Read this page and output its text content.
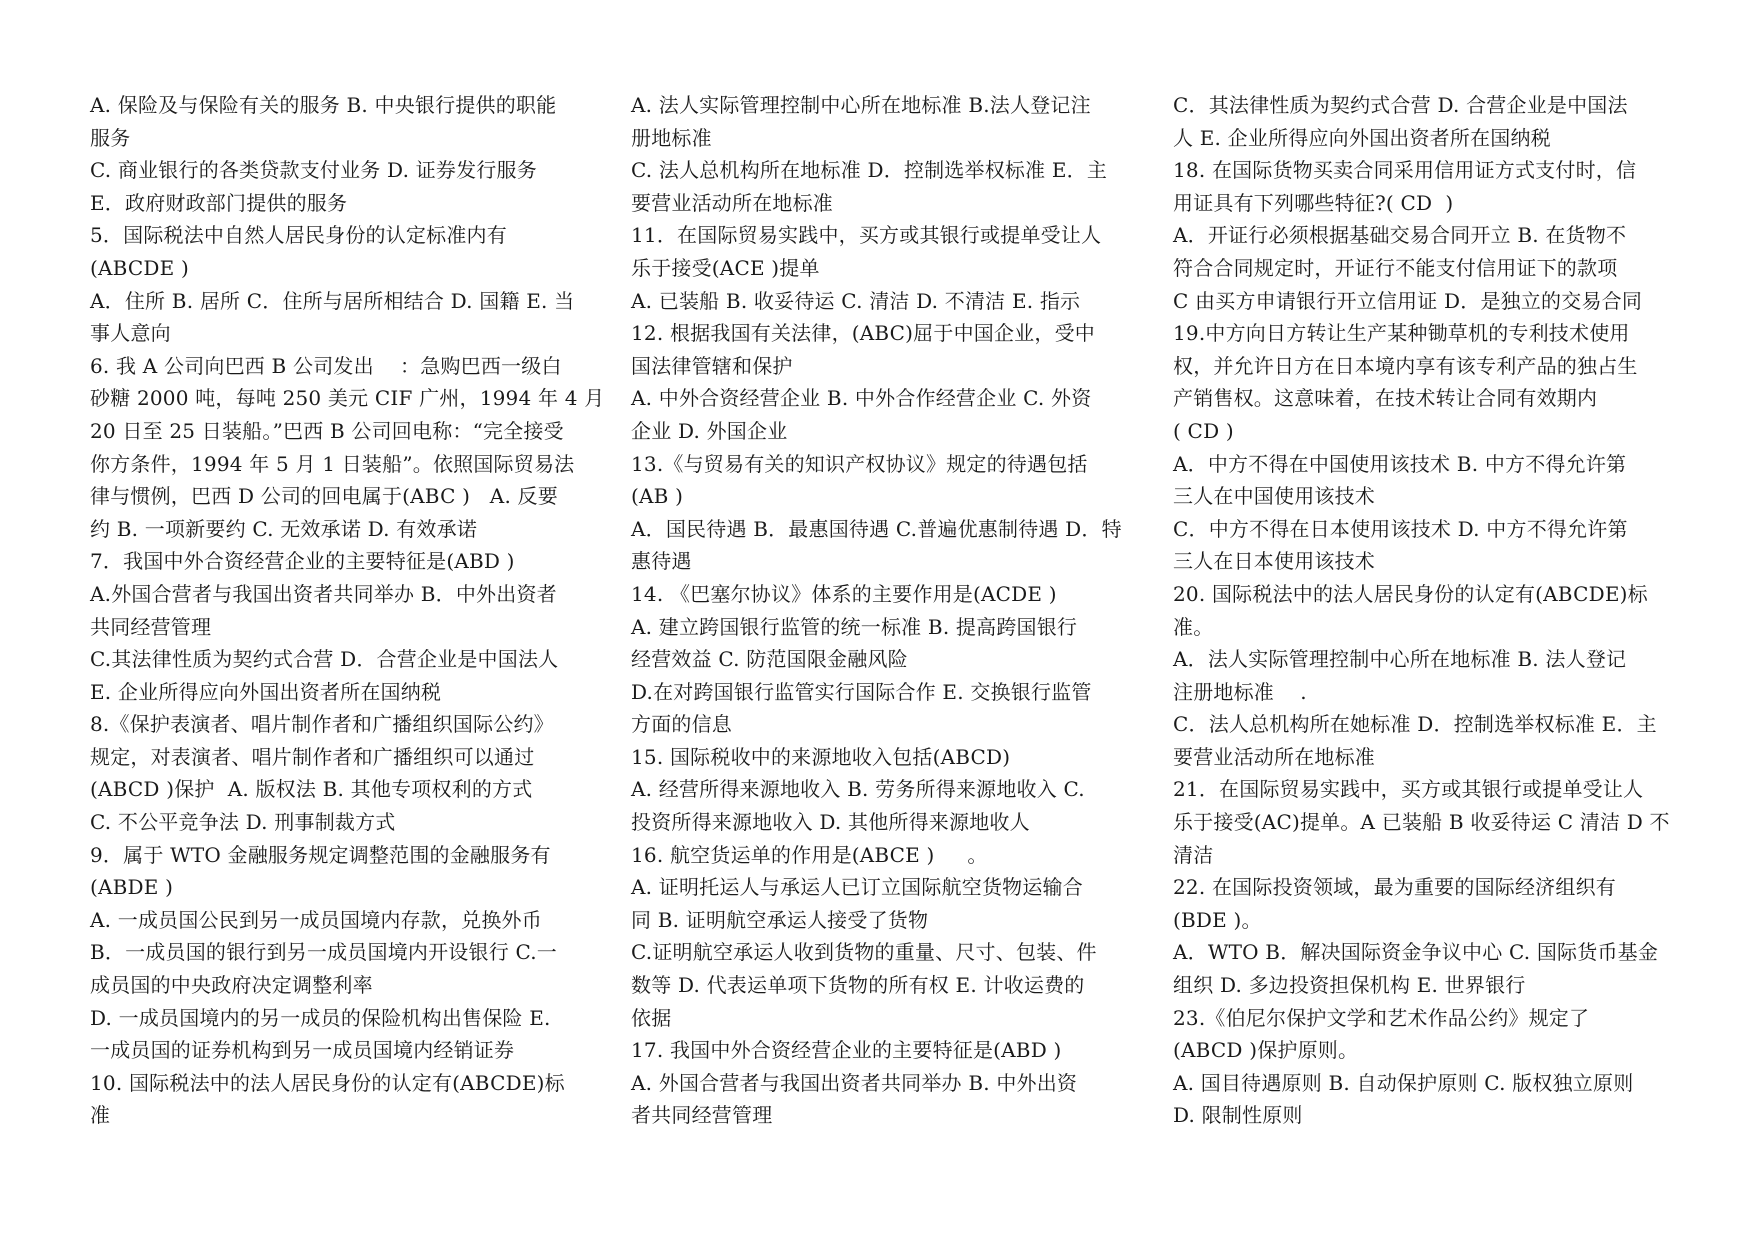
A. 保险及与保险有关的服务 B. 中央银行提供的职能
服务
C. 商业银行的各类贷款支付业务 D. 证券发行服务
E．政府财政部门提供的服务
5．国际税法中自然人居民身份的认定标准内有
(ABCDE )
A．住所 B. 居所 C．住所与居所相结合 D. 国籍 E. 当
事人意向
6. 我 A 公司向巴西 B 公司发出    ：急购巴西一级白
砂糖 2000 吨，每吨 250 美元 CIF 广州，1994 年 4 月
20 日至 25 日装船。”巴西 B 公司回电称：“完全接受
你方条件，1994 年 5 月 1 日装船”。依照国际贸易法
律与惯例，巴西 D 公司的回电属于(ABC )   A. 反要
约 B. 一项新要约 C. 无效承诺 D. 有效承诺
7．我国中外合资经营企业的主要特征是(ABD )
A.外国合营者与我国出资者共同举办 B．中外出资者
共同经营管理
C.其法律性质为契约式合营 D．合营企业是中国法人
E. 企业所得应向外国出资者所在国纳税
8.《保护表演者、唱片制作者和广播组织国际公约》
规定，对表演者、唱片制作者和广播组织可以通过
(ABCD )保护  A. 版权法 B. 其他专项权利的方式
C. 不公平竞争法 D. 刑事制裁方式
9．属于 WTO 金融服务规定调整范围的金融服务有
(ABDE )
A. 一成员国公民到另一成员国境内存款，兑换外币
B．一成员国的银行到另一成员国境内开设银行 C.一
成员国的中央政府决定调整利率
D. 一成员国境内的另一成员的保险机构出售保险 E.
一成员国的证券机构到另一成员国境内经销证券
10. 国际税法中的法人居民身份的认定有(ABCDE)标
准
A. 法人实际管理控制中心所在地标准 B.法人登记注
册地标准
C. 法人总机构所在地标准 D．控制选举权标准 E．主
要营业活动所在地标准
11．在国际贸易实践中，买方或其银行或提单受让人
乐于接受(ACE )提单
A. 已装船 B. 收妥待运 C. 清洁 D. 不清洁 E. 指示
12. 根据我国有关法律，(ABC)屈于中国企业，受中
国法律管辖和保护
A. 中外合资经营企业 B. 中外合作经营企业 C. 外资
企业 D. 外国企业
13.《与贸易有关的知识产权协议》规定的待遇包括
(AB )
A．国民待遇 B．最惠国待遇 C.普遍优惠制待遇 D．特
惠待遇
14. 《巴塞尔协议》体系的主要作用是(ACDE )
A. 建立跨国银行监管的统一标准 B. 提高跨国银行
经营效益 C. 防范国限金融风险
D.在对跨国银行监管实行国际合作 E. 交换银行监管
方面的信息
15. 国际税收中的来源地收入包括(ABCD)
A. 经营所得来源地收入 B. 劳务所得来源地收入 C.
投资所得来源地收入 D. 其他所得来源地收人
16. 航空货运单的作用是(ABCE )     。
A. 证明托运人与承运人已订立国际航空货物运输合
同 B. 证明航空承运人接受了货物
C.证明航空承运人收到货物的重量、尺寸、包装、件
数等 D. 代表运单项下货物的所有权 E. 计收运费的
依据
17. 我国中外合资经营企业的主要特征是(ABD )
A. 外国合营者与我国出资者共同举办 B. 中外出资
者共同经营管理
C．其法律性质为契约式合营 D. 合营企业是中国法
人 E. 企业所得应向外国出资者所在国纳税
18. 在国际货物买卖合同采用信用证方式支付时，信
用证具有下列哪些特征?( CD  )
A．开证行必须根据基础交易合同开立 B. 在货物不
符合合同规定时，开证行不能支付信用证下的款项
C 由买方申请银行开立信用证 D．是独立的交易合同
19.中方向日方转让生产某种锄草机的专利技术使用
权，并允许日方在日本境内享有该专利产品的独占生
产销售权。这意味着，在技术转让合同有效期内
( CD )
A．中方不得在中国使用该技术 B. 中方不得允许第
三人在中国使用该技术
C．中方不得在日本使用该技术 D. 中方不得允许第
三人在日本使用该技术
20. 国际税法中的法人居民身份的认定有(ABCDE)标
准。
A．法人实际管理控制中心所在地标准 B. 法人登记
注册地标准    .
C．法人总机构所在她标准 D．控制选举权标准 E．主
要营业活动所在地标准
21．在国际贸易实践中，买方或其银行或提单受让人
乐于接受(AC)提单。A 已装船 B 收妥待运 C 清洁 D 不
清洁
22. 在国际投资领域，最为重要的国际经济组织有
(BDE )。
A．WTO B．解决国际资金争议中心 C. 国际货币基金
组织 D. 多边投资担保机构 E. 世界银行
23.《伯尼尔保护文学和艺术作品公约》规定了
(ABCD )保护原则。
A. 国目待遇原则 B. 自动保护原则 C. 版权独立原则
D. 限制性原则
